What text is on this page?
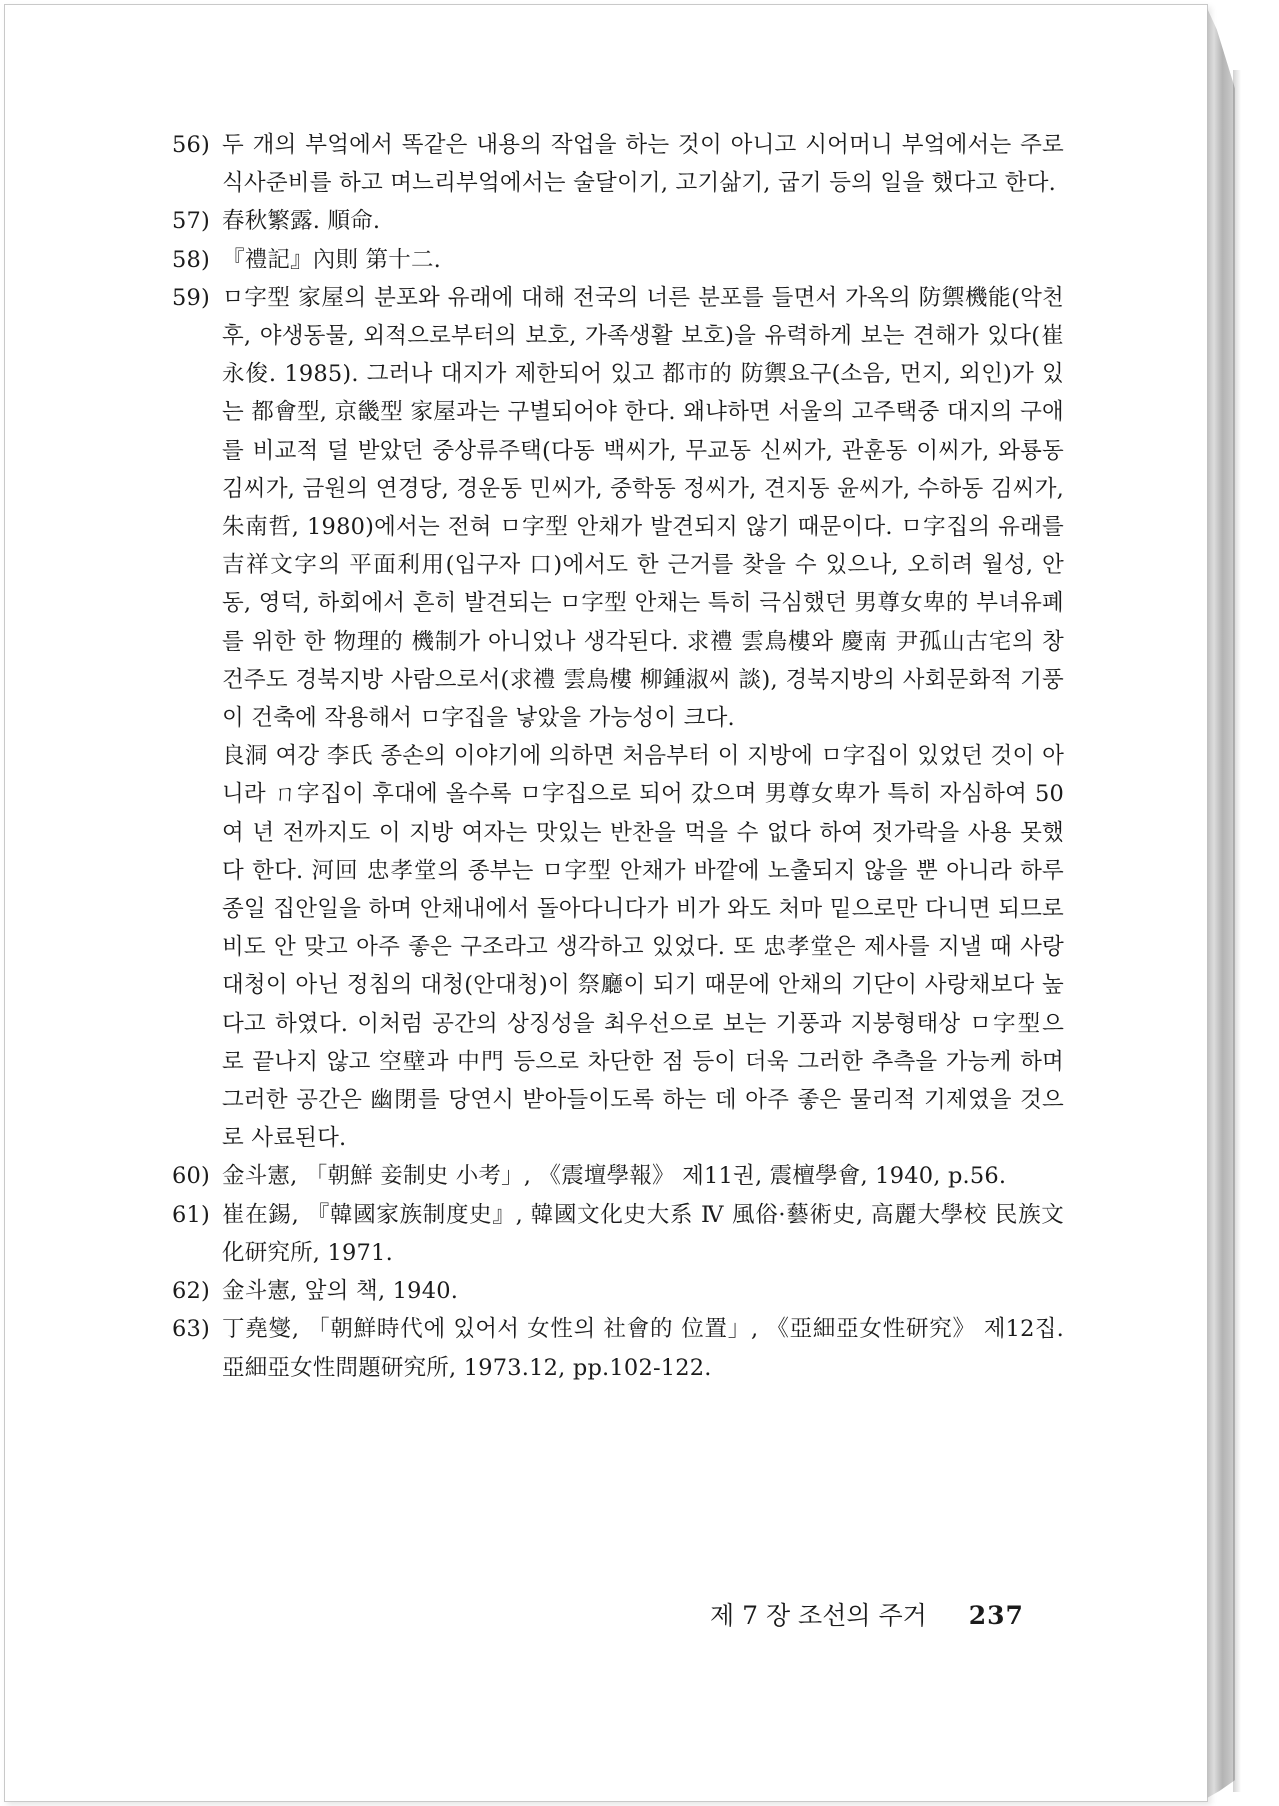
56) 두 개의 부엌에서 똑같은 내용의 작업을 하는 것이 아니고 시어머니 부엌에서는 주로 식사준비를 하고 며느리부엌에서는 술달이기, 고기삶기, 굽기 등의 일을 했다고 한다.

57) 春秋繁露. 順命.

58) 『禮記』內則 第十二.

59) ㅁ字型 家屋의 분포와 유래에 대해 전국의 너른 분포를 들면서 가옥의 防禦機能(악천후, 야생동물, 외적으로부터의 보호, 가족생활 보호)을 유력하게 보는 견해가 있다(崔永俊. 1985). 그러나 대지가 제한되어 있고 都市的 防禦요구(소음, 먼지, 외인)가 있는 都會型, 京畿型 家屋과는 구별되어야 한다. 왜냐하면 서울의 고주택중 대지의 구애를 비교적 덜 받았던 중상류주택(다동 백씨가, 무교동 신씨가, 관훈동 이씨가, 와룡동 김씨가, 금원의 연경당, 경운동 민씨가, 중학동 정씨가, 견지동 윤씨가, 수하동 김씨가, 朱南哲, 1980)에서는 전혀 ㅁ字型 안채가 발견되지 않기 때문이다. ㅁ字집의 유래를 吉祥文字의 平面利用(입구자 口)에서도 한 근거를 찾을 수 있으나, 오히려 월성, 안동, 영덕, 하회에서 흔히 발견되는 ㅁ字型 안채는 특히 극심했던 男尊女卑的 부녀유폐를 위한 한 物理的 機制가 아니었나 생각된다. 求禮 雲鳥樓와 慶南 尹孤山古宅의 창건주도 경북지방 사람으로서(求禮 雲鳥樓 柳鍾淑씨 談), 경북지방의 사회문화적 기풍이 건축에 작용해서 ㅁ字집을 낳았을 가능성이 크다.

良洞 여강 李氏 종손의 이야기에 의하면 처음부터 이 지방에 ㅁ字집이 있었던 것이 아니라 ㄇ字집이 후대에 올수록 ㅁ字집으로 되어 갔으며 男尊女卑가 특히 자심하여 50여 년 전까지도 이 지방 여자는 맛있는 반찬을 먹을 수 없다 하여 젓가락을 사용 못했다 한다. 河回 忠孝堂의 종부는 ㅁ字型 안채가 바깥에 노출되지 않을 뿐 아니라 하루 종일 집안일을 하며 안채내에서 돌아다니다가 비가 와도 처마 밑으로만 다니면 되므로 비도 안 맞고 아주 좋은 구조라고 생각하고 있었다. 또 忠孝堂은 제사를 지낼 때 사랑대청이 아닌 정침의 대청(안대청)이 祭廳이 되기 때문에 안채의 기단이 사랑채보다 높다고 하였다. 이처럼 공간의 상징성을 최우선으로 보는 기풍과 지붕형태상 ㅁ字型으로 끝나지 않고 空壁과 中門 등으로 차단한 점 등이 더욱 그러한 추측을 가능케 하며 그러한 공간은 幽閉를 당연시 받아들이도록 하는 데 아주 좋은 물리적 기제였을 것으로 사료된다.

60) 金斗憲, 「朝鮮 妾制史 小考」, 《震壇學報》 제11권, 震檀學會, 1940, p.56.

61) 崔在錫, 『韓國家族制度史』, 韓國文化史大系 Ⅳ 風俗·藝術史, 高麗大學校 民族文化研究所, 1971.

62) 金斗憲, 앞의 책, 1940.

63) 丁堯燮, 「朝鮮時代에 있어서 女性의 社會的 位置」, 《亞細亞女性研究》 제12집. 亞細亞女性問題研究所, 1973.12, pp.102-122.

제 7 장 조선의 주거 237
